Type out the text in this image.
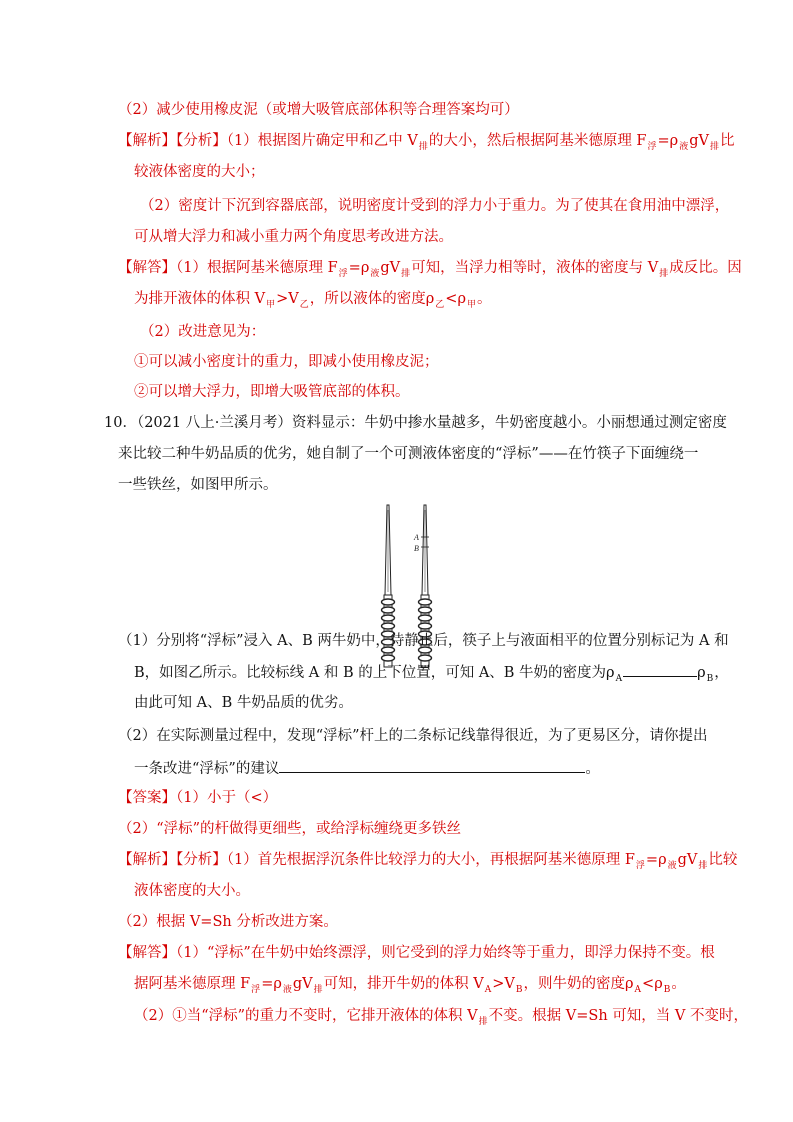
（2）减少使用橡皮泥（或增大吸管底部体积等合理答案均可）
【解析】【分析】（1）根据图片确定甲和乙中 $V_排$的大小，然后根据阿基米德原理 $F_浮=\rho_液gV_排$比
较液体密度的大小；
（2）密度计下沉到容器底部，说明密度计受到的浮力小于重力。为了使其在食用油中漂浮，
可从增大浮力和减小重力两个角度思考改进方法。
【解答】（1）根据阿基米德原理 $F_浮=\rho_液gV_排$可知，当浮力相等时，液体的密度与 $V_排$成反比。因
为排开液体的体积 $V_甲>V_乙$，所以液体的密度$\rho_乙<\rho_甲$。
（2）改进意见为：
①可以减小密度计的重力，即减小使用橡皮泥；
②可以增大浮力，即增大吸管底部的体积。
10．（2021 八上·兰溪月考）资料显示：牛奶中掺水量越多，牛奶密度越小。小丽想通过测定密度
来比较二种牛奶品质的优劣，她自制了一个可测液体密度的“浮标”——在竹筷子下面缠绕一
一些铁丝，如图甲所示。
A
B
（1）分别将“浮标”浸入 A、B 两牛奶中，待静止后，筷子上与液面相平的位置分别标记为 A 和
B，如图乙所示。比较标线 A 和 B 的上下位置，可知 A、B 牛奶的密度为$\rho_A$	$\rho_B$，
由此可知 A、B 牛奶品质的优劣。
（2）在实际测量过程中，发现“浮标”杆上的二条标记线靠得很近，为了更易区分，请你提出
一条改进“浮标”的建议	。
【答案】（1）小于（<）
（2）“浮标”的杆做得更细些，或给浮标缠绕更多铁丝
【解析】【分析】（1）首先根据浮沉条件比较浮力的大小，再根据阿基米德原理 $F_浮=\rho_液gV_排$比较
液体密度的大小。
（2）根据 V=Sh 分析改进方案。
【解答】（1）“浮标”在牛奶中始终漂浮，则它受到的浮力始终等于重力，即浮力保持不变。根
据阿基米德原理 $F_浮=\rho_液gV_排$可知，排开牛奶的体积 $V_A>V_B$，则牛奶的密度$\rho_A<\rho_B$。
（2）①当“浮标”的重力不变时，它排开液体的体积 $V_排$不变。根据 V=Sh 可知，当 V 不变时，
